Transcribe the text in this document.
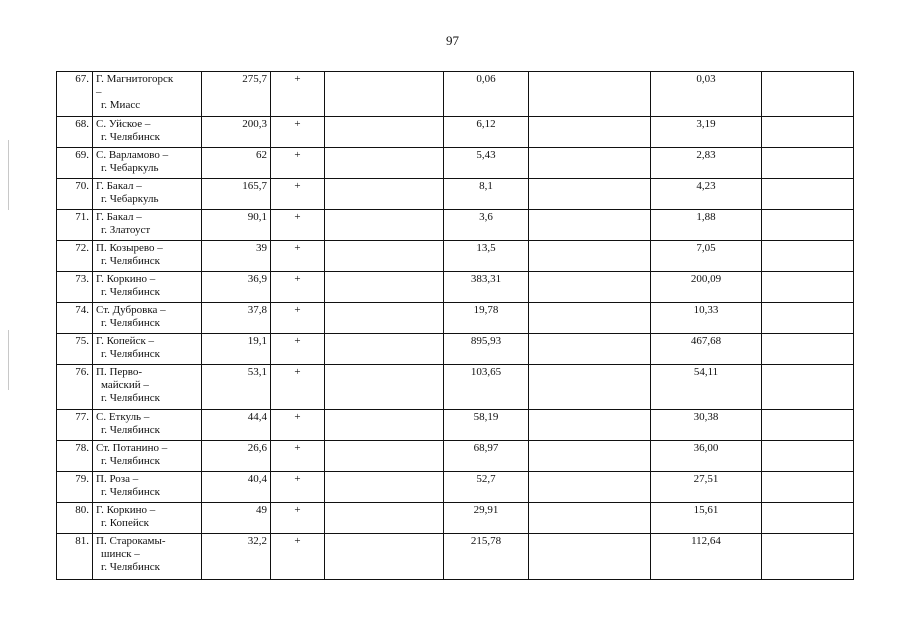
97
67.	Г. Магнитогорск
–
г. Миасс	275,7	+		0,06		0,03	
68.	С. Уйское –
г. Челябинск	200,3	+		6,12		3,19	
69.	С. Варламово –
г. Чебаркуль	62	+		5,43		2,83	
70.	Г. Бакал –
г. Чебаркуль	165,7	+		8,1		4,23	
71.	Г. Бакал –
г. Златоуст	90,1	+		3,6		1,88	
72.	П. Козырево –
г. Челябинск	39	+		13,5		7,05	
73.	Г. Коркино –
г. Челябинск	36,9	+		383,31		200,09	
74.	Ст. Дубровка –
г. Челябинск	37,8	+		19,78		10,33	
75.	Г. Копейск –
г. Челябинск	19,1	+		895,93		467,68	
76.	П. Перво-
майский –
г. Челябинск	53,1	+		103,65		54,11	
77.	С. Еткуль –
г. Челябинск	44,4	+		58,19		30,38	
78.	Ст. Потанино –
г. Челябинск	26,6	+		68,97		36,00	
79.	П. Роза –
г. Челябинск	40,4	+		52,7		27,51	
80.	Г. Коркино –
г. Копейск	49	+		29,91		15,61	
81.	П. Старокамы-
шинск –
г. Челябинск	32,2	+		215,78		112,64	
